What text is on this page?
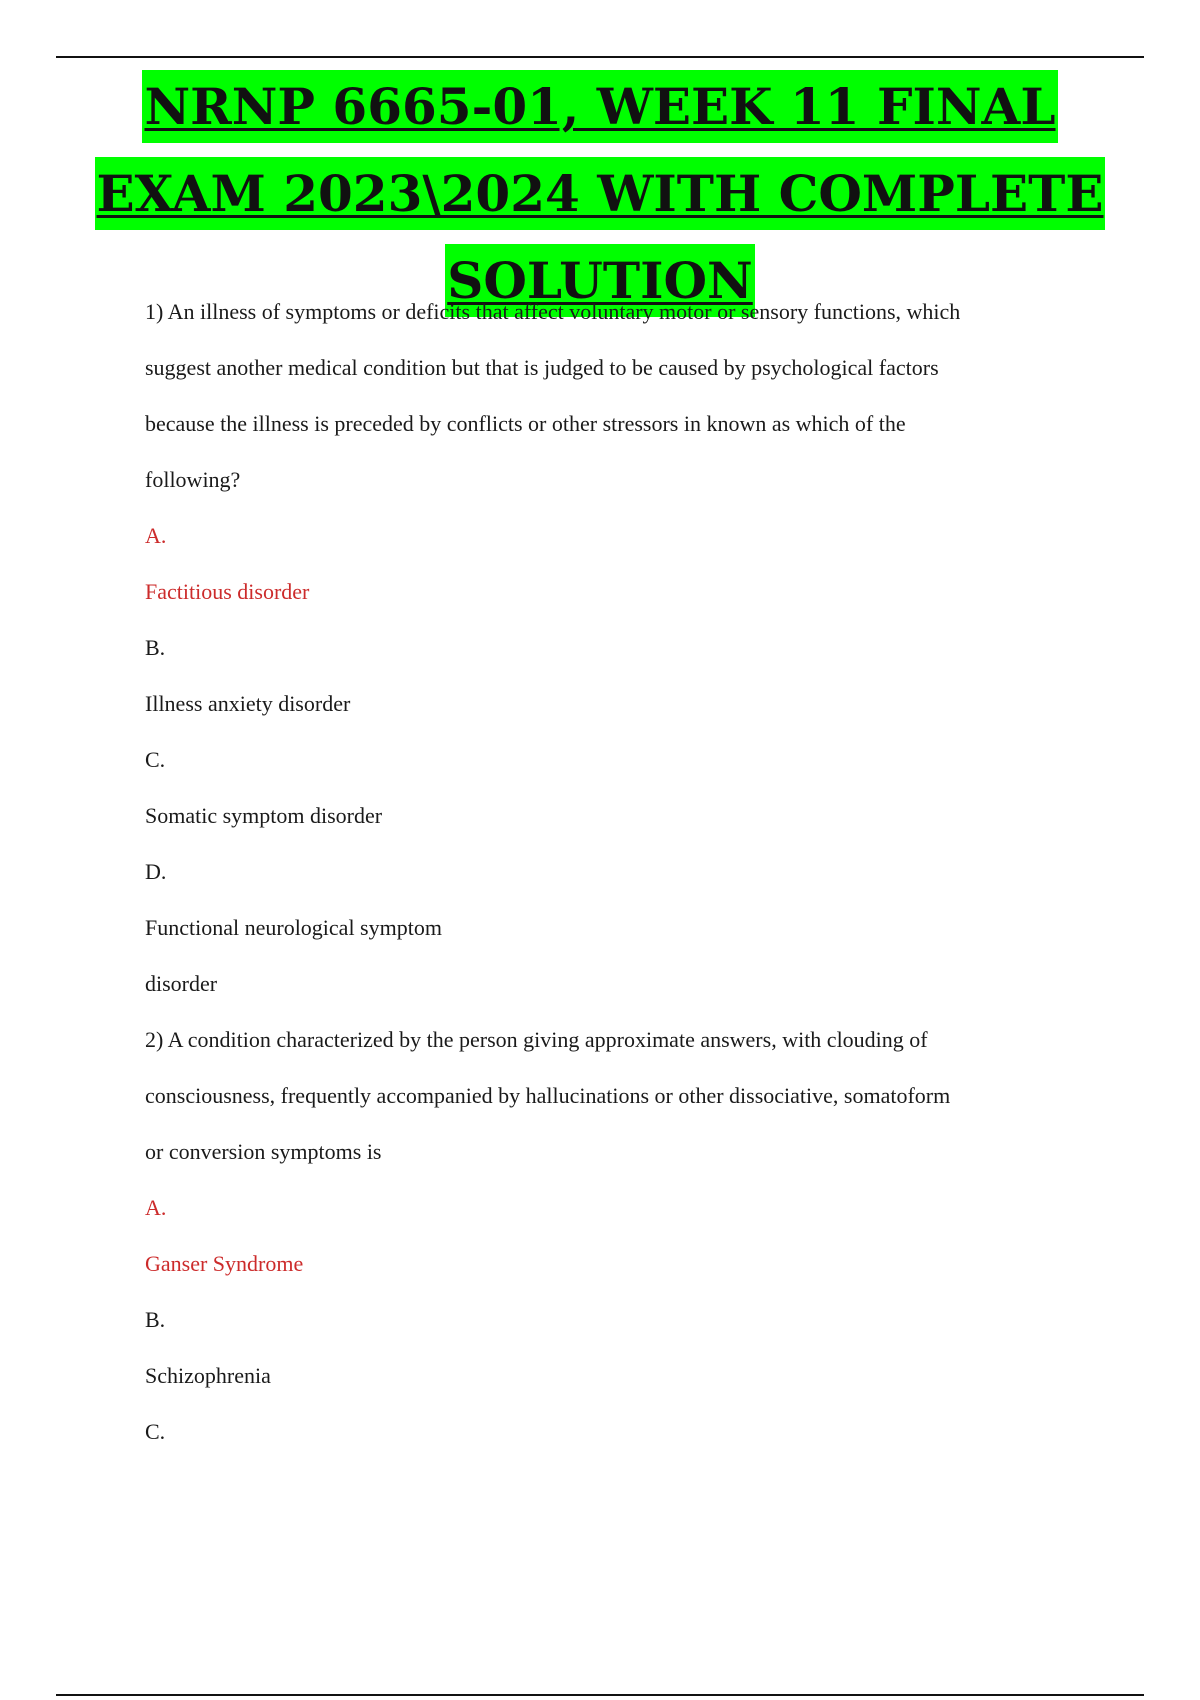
NRNP 6665-01, WEEK 11 FINAL
EXAM 2023\2024 WITH COMPLETE
SOLUTION

1) An illness of symptoms or deficits that affect voluntary motor or sensory functions, which

suggest another medical condition but that is judged to be caused by psychological factors

because the illness is preceded by conflicts or other stressors in known as which of the

following?

A.

Factitious disorder

B.

Illness anxiety disorder

C.

Somatic symptom disorder

D.

Functional neurological symptom

disorder

2) A condition characterized by the person giving approximate answers, with clouding of

consciousness, frequently accompanied by hallucinations or other dissociative, somatoform

or conversion symptoms is

A.

Ganser Syndrome

B.

Schizophrenia

C.
